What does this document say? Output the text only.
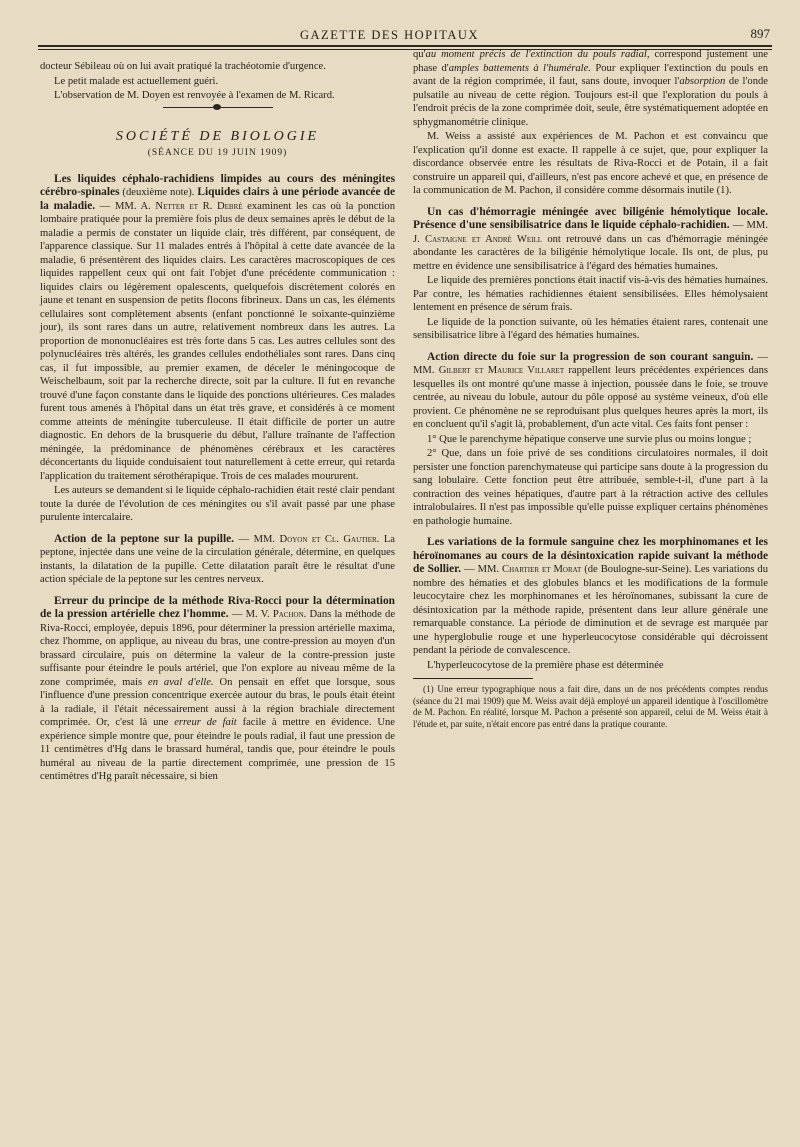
GAZETTE DES HOPITAUX	897

docteur Sébileau où on lui avait pratiqué la trachéotomie d'urgence.

Le petit malade est actuellement guéri.

L'observation de M. Doyen est renvoyée à l'examen de M. Ricard.

SOCIÉTÉ DE BIOLOGIE

(SÉANCE DU 19 JUIN 1909)

Les liquides céphalo-rachidiens limpides au cours des méningites cérébro-spinales (deuxième note). Liquides clairs à une période avancée de la maladie. — MM. A. Netter et R. Debré examinent les cas où la ponction lombaire pratiquée pour la première fois plus de deux semaines après le début de la maladie a permis de constater un liquide clair, très différent, par conséquent, de l'apparence classique. Sur 11 malades entrés à l'hôpital à cette date avancée de la maladie, 6 présentèrent des liquides clairs. Les caractères macroscopiques de ces liquides rappellent ceux qui ont fait l'objet d'une précédente communication : liquides clairs ou légèrement opalescents, quelquefois discrètement colorés en jaune et tenant en suspension de petits flocons fibrineux. Dans un cas, les éléments cellulaires sont complètement absents (enfant ponctionné le soixante-quinzième jour), ils sont rares dans un autre, relativement nombreux dans les autres. La proportion de mononucléaires est très forte dans 5 cas. Les autres cellules sont des polynucléaires très altérés, les grandes cellules endothéliales sont rares. Dans cinq cas, il fut impossible, au premier examen, de déceler le méningocoque de Weischelbaum, soit par la recherche directe, soit par la culture. Il fut en revanche trouvé d'une façon constante dans le liquide des ponctions ultérieures. Ces malades furent tous amenés à l'hôpital dans un état très grave, et considérés à ce moment comme atteints de méningite tuberculeuse. Il était difficile de porter un autre diagnostic. En dehors de la brusquerie du début, l'allure traînante de l'affection méningée, la prédominance de phénomènes cérébraux et les caractères déconcertants du liquide conduisaient tout naturellement à cette erreur, qui retarda l'application du traitement sérothérapique. Trois de ces malades moururent.

Les auteurs se demandent si le liquide céphalo-rachidien était resté clair pendant toute la durée de l'évolution de ces méningites ou s'il avait passé par une phase purulente intercalaire.

Action de la peptone sur la pupille. — MM. Doyon et Cl. Gautier. La peptone, injectée dans une veine de la circulation générale, détermine, en quelques instants, la dilatation de la pupille. Cette dilatation paraît être le résultat d'une action spéciale de la peptone sur les centres nerveux.

Erreur du principe de la méthode Riva-Rocci pour la détermination de la pression artérielle chez l'homme. — M. V. Pachon. Dans la méthode de Riva-Rocci, employée, depuis 1896, pour déterminer la pression artérielle maxima, chez l'homme, on applique, au niveau du bras, une contre-pression au moyen d'un brassard circulaire, puis on détermine la valeur de la contre-pression juste suffisante pour éteindre le pouls artériel, que l'on explore au niveau même de la zone comprimée, mais en aval d'elle. On pensait en effet que lorsque, sous l'influence d'une pression concentrique exercée autour du bras, le pouls était éteint à la radiale, il l'était nécessairement aussi à la région brachiale directement comprimée. Or, c'est là une erreur de fait facile à mettre en évidence. Une expérience simple montre que, pour éteindre le pouls radial, il faut une pression de 11 centimètres d'Hg dans le brassard huméral, tandis que, pour éteindre le pouls huméral au niveau de la partie directement comprimée, une pression de 15 centimètres d'Hg paraît nécessaire, si bien

qu'au moment précis de l'extinction du pouls radial, correspond justement une phase d'amples battements à l'humérale. Pour expliquer l'extinction du pouls en avant de la région comprimée, il faut, sans doute, invoquer l'absorption de l'onde pulsatile au niveau de cette région. Toujours est-il que l'exploration du pouls à l'endroit précis de la zone comprimée doit, seule, être systématiquement adoptée en sphygmanométrie clinique.

M. Weiss a assisté aux expériences de M. Pachon et est convaincu que l'explication qu'il donne est exacte. Il rappelle à ce sujet, que, pour expliquer la discordance observée entre les résultats de Riva-Rocci et de Potain, il a fait construire un appareil qui, d'ailleurs, n'est pas encore achevé et que, en présence de la communication de M. Pachon, il considère comme désormais inutile (1).

Un cas d'hémorragie méningée avec biligénie hémolytique locale. Présence d'une sensibilisatrice dans le liquide céphalo-rachidien. — MM. J. Castaigne et André Weill ont retrouvé dans un cas d'hémorragie méningée abondante les caractères de la biligénie hémolytique locale. Ils ont, de plus, pu mettre en évidence une sensibilisatrice à l'égard des hématies humaines.

Le liquide des premières ponctions était inactif vis-à-vis des hématies humaines. Par contre, les hématies rachidiennes étaient sensibilisées. Elles hémolysaient lentement en présence de sérum frais.

Le liquide de la ponction suivante, où les hématies étaient rares, contenait une sensibilisatrice libre à l'égard des hématies humaines.

Action directe du foie sur la progression de son courant sanguin. — MM. Gilbert et Maurice Villaret rappellent leurs précédentes expériences dans lesquelles ils ont montré qu'une masse à injection, poussée dans le foie, se trouve centrée, au niveau du lobule, autour du pôle opposé au système veineux, d'où elle provient. Ce phénomène ne se reproduisant plus quelques heures après la mort, ils en concluent qu'il s'agit là, probablement, d'un acte vital. Ces faits font penser :

1° Que le parenchyme hépatique conserve une survie plus ou moins longue ;

2° Que, dans un foie privé de ses conditions circulatoires normales, il doit persister une fonction parenchymateuse qui participe sans doute à la progression du sang lobulaire. Cette fonction peut être attribuée, semble-t-il, d'une part à la contraction des veines hépatiques, d'autre part à la rétraction active des cellules intralobulaires. Il n'est pas impossible qu'elle puisse expliquer certains phénomènes en pathologie humaine.

Les variations de la formule sanguine chez les morphinomanes et les héroïnomanes au cours de la désintoxication rapide suivant la méthode de Sollier. — MM. Chartier et Morat (de Boulogne-sur-Seine). Les variations du nombre des hématies et des globules blancs et les modifications de la formule leucocytaire chez les morphinomanes et les héroïnomanes, subissant la cure de désintoxication par la méthode rapide, présentent dans leur allure générale une remarquable constance. La période de diminution et de sevrage est marquée par une hyperglobulie rouge et une hyperleucocytose considérable qui décroissent pendant la période de convalescence.

L'hyperleucocytose de la première phase est déterminée

(1) Une erreur typographique nous a fait dire, dans un de nos précédents comptes rendus (séance du 21 mai 1909) que M. Weiss avait déjà employé un appareil identique à l'oscillomètre de M. Pachon. En réalité, lorsque M. Pachon a présenté son appareil, celui de M. Weiss était à l'étude et, par suite, n'était encore pas entré dans la pratique courante.
